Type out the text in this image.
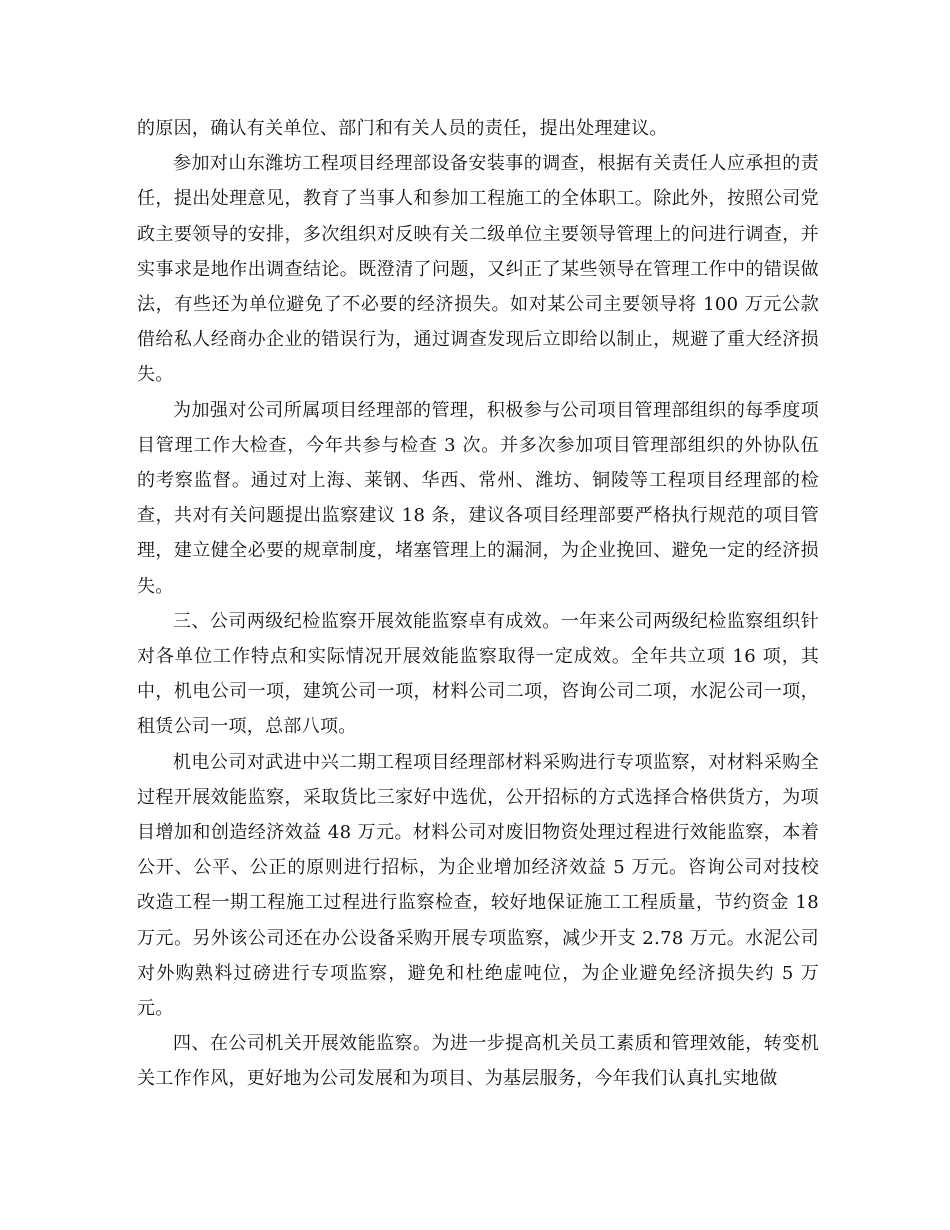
的原因，确认有关单位、部门和有关人员的责任，提出处理建议。

参加对山东潍坊工程项目经理部设备安装事的调查，根据有关责任人应承担的责任，提出处理意见，教育了当事人和参加工程施工的全体职工。除此外，按照公司党政主要领导的安排，多次组织对反映有关二级单位主要领导管理上的问进行调查，并实事求是地作出调查结论。既澄清了问题，又纠正了某些领导在管理工作中的错误做法，有些还为单位避免了不必要的经济损失。如对某公司主要领导将 100 万元公款借给私人经商办企业的错误行为，通过调查发现后立即给以制止，规避了重大经济损失。

为加强对公司所属项目经理部的管理，积极参与公司项目管理部组织的每季度项目管理工作大检查，今年共参与检查 3 次。并多次参加项目管理部组织的外协队伍的考察监督。通过对上海、莱钢、华西、常州、潍坊、铜陵等工程项目经理部的检查，共对有关问题提出监察建议 18 条，建议各项目经理部要严格执行规范的项目管理，建立健全必要的规章制度，堵塞管理上的漏洞，为企业挽回、避免一定的经济损失。

三、公司两级纪检监察开展效能监察卓有成效。一年来公司两级纪检监察组织针对各单位工作特点和实际情况开展效能监察取得一定成效。全年共立项 16 项，其中，机电公司一项，建筑公司一项，材料公司二项，咨询公司二项，水泥公司一项，租赁公司一项，总部八项。

机电公司对武进中兴二期工程项目经理部材料采购进行专项监察，对材料采购全过程开展效能监察，采取货比三家好中选优，公开招标的方式选择合格供货方，为项目增加和创造经济效益 48 万元。材料公司对废旧物资处理过程进行效能监察，本着公开、公平、公正的原则进行招标，为企业增加经济效益 5 万元。咨询公司对技校改造工程一期工程施工过程进行监察检查，较好地保证施工工程质量，节约资金 18 万元。另外该公司还在办公设备采购开展专项监察，减少开支 2.78 万元。水泥公司对外购熟料过磅进行专项监察，避免和杜绝虚吨位，为企业避免经济损失约 5 万元。

四、在公司机关开展效能监察。为进一步提高机关员工素质和管理效能，转变机关工作作风，更好地为公司发展和为项目、为基层服务，今年我们认真扎实地做
